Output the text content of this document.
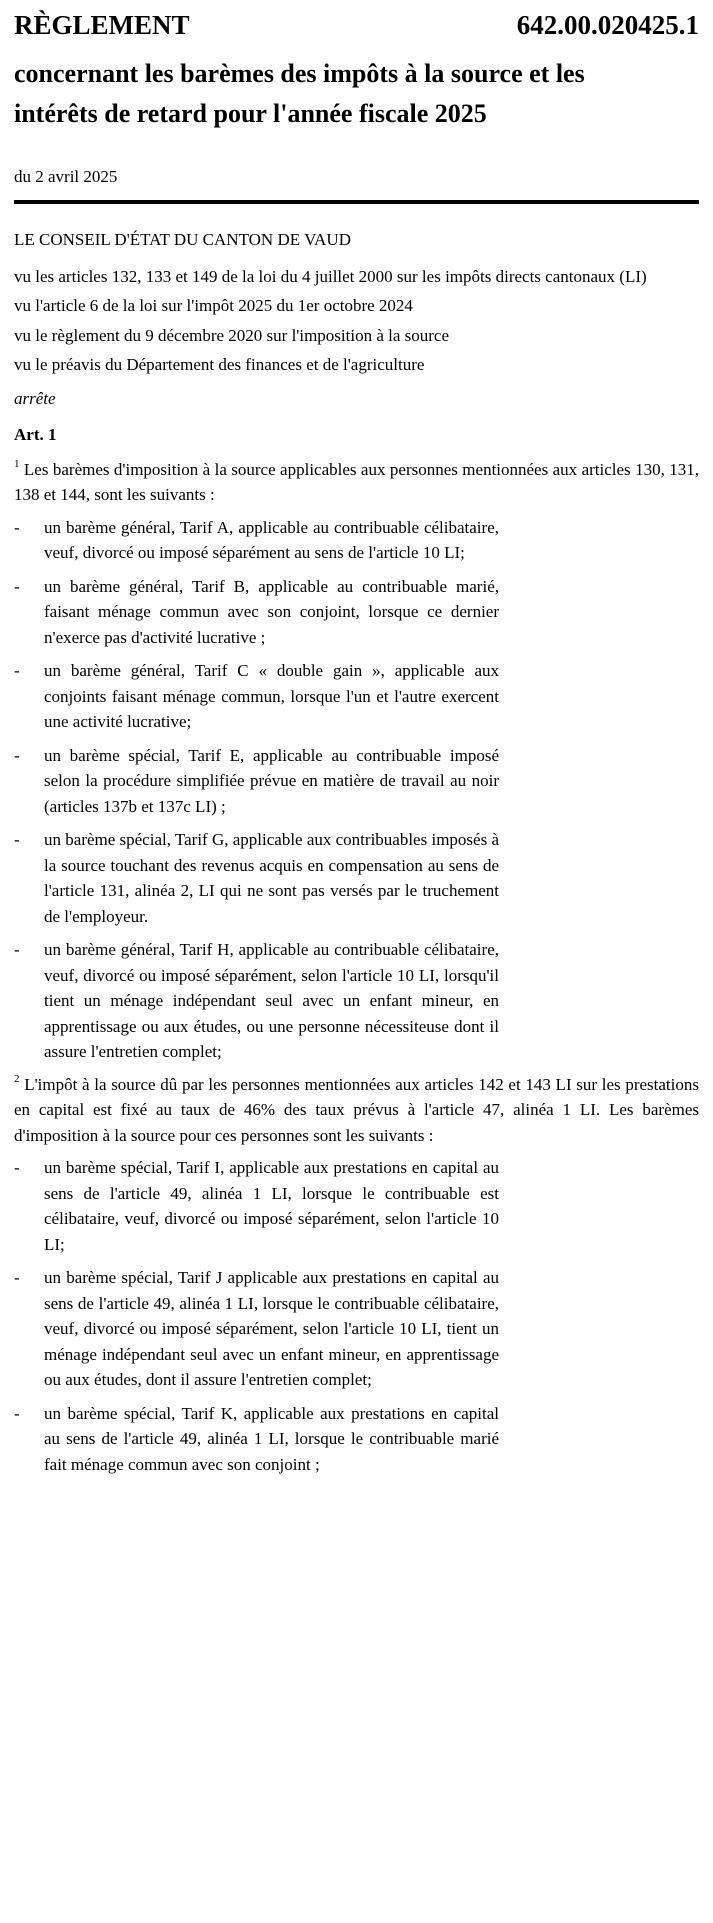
RÈGLEMENT	642.00.020425.1
concernant les barèmes des impôts à la source et les
intérêts de retard pour l'année fiscale 2025
du 2 avril 2025

LE CONSEIL D'ÉTAT DU CANTON DE VAUD

vu les articles 132, 133 et 149 de la loi du 4 juillet 2000 sur les impôts directs cantonaux (LI)

vu l'article 6 de la loi sur l'impôt 2025 du 1er octobre 2024

vu le règlement du 9 décembre 2020 sur l'imposition à la source

vu le préavis du Département des finances et de l'agriculture

arrête

Art. 1

$^1$ Les barèmes d'imposition à la source applicables aux personnes mentionnées aux articles 130, 131, 138 et 144, sont les suivants :

- un barème général, Tarif A, applicable au contribuable célibataire, veuf, divorcé ou imposé séparément au sens de l'article 10 LI;
- un barème général, Tarif B, applicable au contribuable marié, faisant ménage commun avec son conjoint, lorsque ce dernier n'exerce pas d'activité lucrative ;
- un barème général, Tarif C « double gain », applicable aux conjoints faisant ménage commun, lorsque l'un et l'autre exercent une activité lucrative;
- un barème spécial, Tarif E, applicable au contribuable imposé selon la procédure simplifiée prévue en matière de travail au noir (articles 137b et 137c LI) ;
- un barème spécial, Tarif G, applicable aux contribuables imposés à la source touchant des revenus acquis en compensation au sens de l'article 131, alinéa 2, LI qui ne sont pas versés par le truchement de l'employeur.
- un barème général, Tarif H, applicable au contribuable célibataire, veuf, divorcé ou imposé séparément, selon l'article 10 LI, lorsqu'il tient un ménage indépendant seul avec un enfant mineur, en apprentissage ou aux études, ou une personne nécessiteuse dont il assure l'entretien complet;

$^2$ L'impôt à la source dû par les personnes mentionnées aux articles 142 et 143 LI sur les prestations en capital est fixé au taux de 46% des taux prévus à l'article 47, alinéa 1 LI. Les barèmes d'imposition à la source pour ces personnes sont les suivants :

- un barème spécial, Tarif I, applicable aux prestations en capital au sens de l'article 49, alinéa 1 LI, lorsque le contribuable est célibataire, veuf, divorcé ou imposé séparément, selon l'article 10 LI;
- un barème spécial, Tarif J applicable aux prestations en capital au sens de l'article 49, alinéa 1 LI, lorsque le contribuable célibataire, veuf, divorcé ou imposé séparément, selon l'article 10 LI, tient un ménage indépendant seul avec un enfant mineur, en apprentissage ou aux études, dont il assure l'entretien complet;
- un barème spécial, Tarif K, applicable aux prestations en capital au sens de l'article 49, alinéa 1 LI, lorsque le contribuable marié fait ménage commun avec son conjoint ;
